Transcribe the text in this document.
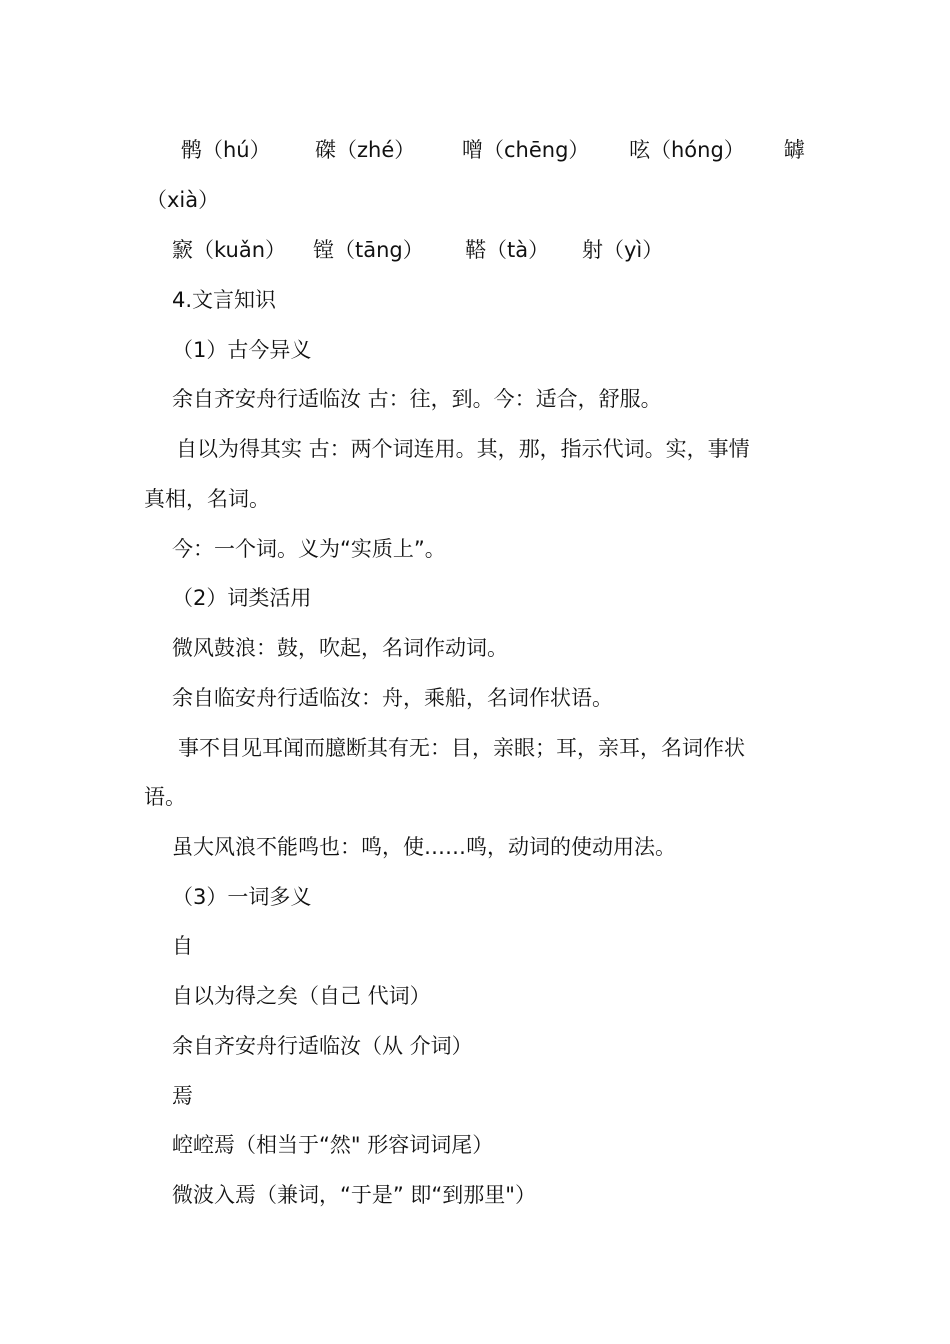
鹘（hú） 磔（zhé） 噌（chēng） 呟（hóng） 罅
（xià）
窾（kuǎn） 镗（tāng） 鞳（tà） 射（yì）
4.文言知识
（1）古今异义
余自齐安舟行适临汝 古：往，到。今：适合，舒服。
自以为得其实 古：两个词连用。其，那，指示代词。实，事情
真相，名词。
今：一个词。义为“实质上”。
（2）词类活用
微风鼓浪：鼓，吹起，名词作动词。
余自临安舟行适临汝：舟，乘船，名词作状语。
事不目见耳闻而臆断其有无：目，亲眼；耳，亲耳，名词作状
语。
虽大风浪不能鸣也：鸣，使……鸣，动词的使动用法。
（3）一词多义
自
自以为得之矣（自己 代词）
余自齐安舟行适临汝（从 介词）
焉
崆崆焉（相当于“然" 形容词词尾）
微波入焉（兼词，“于是” 即“到那里"）
